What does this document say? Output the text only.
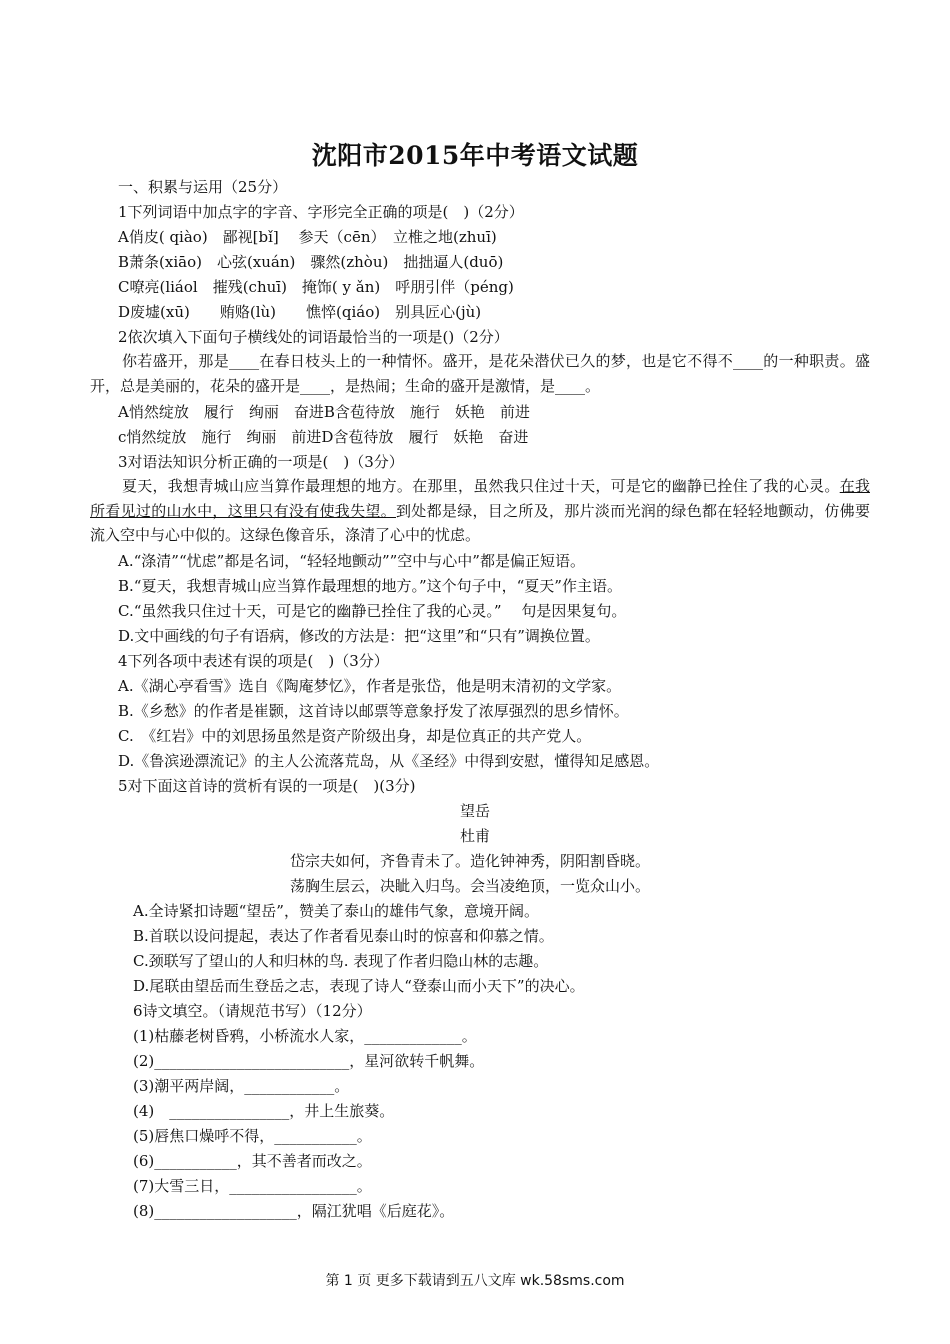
沈阳市2015年中考语文试题
一、积累与运用（25分）
1下列词语中加点字的字音、字形完全正确的项是(　)（2分）
A俏皮( qiào)　鄙视[bǐ]　 参天（cēn）　立椎之地(zhuī)
B萧条(xiāo)　心弦(xuán)　骤然(zhòu)　拙拙逼人(duō)
C嘹亮(liáol　摧残(chuī)　掩饰( y ǎn)　呼朋引伴（péng)
D废墟(xū)　　贿赂(lù)　　憔悴(qiáo)　别具匠心(jù)
2依次填入下面句子横线处的词语最恰当的一项是()（2分）
你若盛开，那是____在春日枝头上的一种情怀。盛开，是花朵潜伏已久的梦，也是它不得不____的一种职责。盛开，总是美丽的，花朵的盛开是____，是热闹；生命的盛开是激情，是____。
A悄然绽放　履行　绚丽　奋进B含苞待放　施行　妖艳　前进
c悄然绽放　施行　绚丽　前进D含苞待放　履行　妖艳　奋进
3对语法知识分析正确的一项是(　)（3分）
夏天，我想青城山应当算作最理想的地方。在那里，虽然我只住过十天，可是它的幽静已拴住了我的心灵。在我所看见过的山水中，这里只有没有使我失望。到处都是绿，目之所及，那片淡而光润的绿色都在轻轻地颤动，仿佛要流入空中与心中似的。这绿色像音乐，涤清了心中的忧虑。
A.“涤清”“忧虑”都是名词，“轻轻地颤动””空中与心中”都是偏正短语。
B.“夏天，我想青城山应当算作最理想的地方。”这个句子中，“夏天”作主语。
C.“虽然我只住过十天，可是它的幽静已拴住了我的心灵。”　 句是因果复句。
D.文中画线的句子有语病，修改的方法是：把“这里”和“只有”调换位置。
4下列各项中表述有误的项是(　)（3分）
A.《湖心亭看雪》选自《陶庵梦忆》，作者是张岱，他是明末清初的文学家。
B.《乡愁》的作者是崔颢，这首诗以邮票等意象抒发了浓厚强烈的思乡情怀。
C.　《红岩》中的刘思扬虽然是资产阶级出身，却是位真正的共产党人。
D.《鲁滨逊漂流记》的主人公流落荒岛，从《圣经》中得到安慰，懂得知足感恩。
5对下面这首诗的赏析有误的一项是(　)(3分)
望岳
杜甫
岱宗夫如何，齐鲁青未了。造化钟神秀，阴阳割昏晓。
荡胸生层云，决眦入归鸟。会当凌绝顶，一览众山小。
A.全诗紧扣诗题“望岳”，赞美了泰山的雄伟气象，意境开阔。
B.首联以设问提起，表达了作者看见泰山时的惊喜和仰慕之情。
C.颈联写了望山的人和归林的鸟. 表现了作者归隐山林的志趣。
D.尾联由望岳而生登岳之志，表现了诗人“登泰山而小天下”的决心。
6诗文填空。（请规范书写）（12分）
(1)枯藤老树昏鸦，小桥流水人家，_____________。
(2)__________________________，星河欲转千帆舞。
(3)潮平两岸阔，____________。
(4)　________________，井上生旅葵。
(5)唇焦口燥呼不得，___________。
(6)___________，其不善者而改之。
(7)大雪三日，_________________。
(8)___________________，隔江犹唱《后庭花》。
第 1 页 更多下载请到五八文库 wk.58sms.com
